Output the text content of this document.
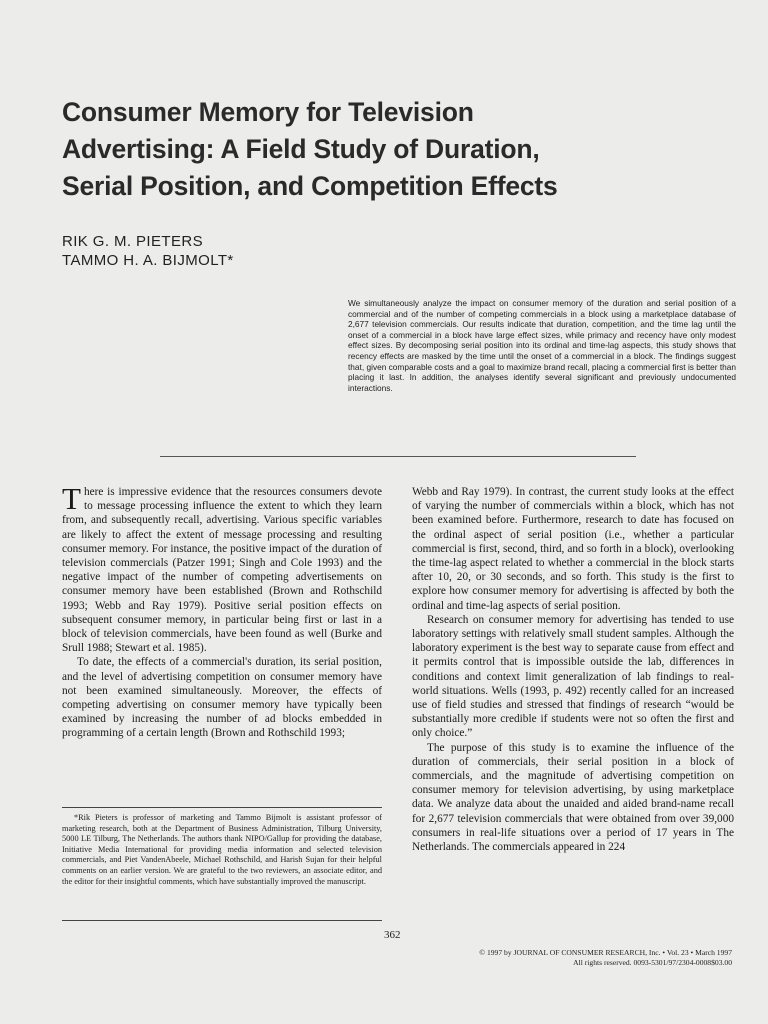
Consumer Memory for Television
Advertising: A Field Study of Duration,
Serial Position, and Competition Effects
RIK G. M. PIETERS
TAMMO H. A. BIJMOLT*
We simultaneously analyze the impact on consumer memory of the duration and serial position of a commercial and of the number of competing commercials in a block using a marketplace database of 2,677 television commercials. Our results indicate that duration, competition, and the time lag until the onset of a commercial in a block have large effect sizes, while primacy and recency have only modest effect sizes. By decomposing serial position into its ordinal and time-lag aspects, this study shows that recency effects are masked by the time until the onset of a commercial in a block. The findings suggest that, given comparable costs and a goal to maximize brand recall, placing a commercial first is better than placing it last. In addition, the analyses identify several significant and previously undocumented interactions.

There is impressive evidence that the resources consumers devote to message processing influence the extent to which they learn from, and subsequently recall, advertising. Various specific variables are likely to affect the extent of message processing and resulting consumer memory. For instance, the positive impact of the duration of television commercials (Patzer 1991; Singh and Cole 1993) and the negative impact of the number of competing advertisements on consumer memory have been established (Brown and Rothschild 1993; Webb and Ray 1979). Positive serial position effects on subsequent consumer memory, in particular being first or last in a block of television commercials, have been found as well (Burke and Srull 1988; Stewart et al. 1985).

To date, the effects of a commercial's duration, its serial position, and the level of advertising competition on consumer memory have not been examined simultaneously. Moreover, the effects of competing advertising on consumer memory have typically been examined by increasing the number of ad blocks embedded in programming of a certain length (Brown and Rothschild 1993;

*Rik Pieters is professor of marketing and Tammo Bijmolt is assistant professor of marketing research, both at the Department of Business Administration, Tilburg University, 5000 LE Tilburg, The Netherlands. The authors thank NIPO/Gallup for providing the database, Initiative Media International for providing media information and selected television commercials, and Piet VandenAbeele, Michael Rothschild, and Harish Sujan for their helpful comments on an earlier version. We are grateful to the two reviewers, an associate editor, and the editor for their insightful comments, which have substantially improved the manuscript.

Webb and Ray 1979). In contrast, the current study looks at the effect of varying the number of commercials within a block, which has not been examined before. Furthermore, research to date has focused on the ordinal aspect of serial position (i.e., whether a particular commercial is first, second, third, and so forth in a block), overlooking the time-lag aspect related to whether a commercial in the block starts after 10, 20, or 30 seconds, and so forth. This study is the first to explore how consumer memory for advertising is affected by both the ordinal and time-lag aspects of serial position.

Research on consumer memory for advertising has tended to use laboratory settings with relatively small student samples. Although the laboratory experiment is the best way to separate cause from effect and it permits control that is impossible outside the lab, differences in conditions and context limit generalization of lab findings to real-world situations. Wells (1993, p. 492) recently called for an increased use of field studies and stressed that findings of research “would be substantially more credible if students were not so often the first and only choice.”

The purpose of this study is to examine the influence of the duration of commercials, their serial position in a block of commercials, and the magnitude of advertising competition on consumer memory for television advertising, by using marketplace data. We analyze data about the unaided and aided brand-name recall for 2,677 television commercials that were obtained from over 39,000 consumers in real-life situations over a period of 17 years in The Netherlands. The commercials appeared in 224

362
© 1997 by JOURNAL OF CONSUMER RESEARCH, Inc. • Vol. 23 • March 1997
All rights reserved. 0093-5301/97/2304-0008$03.00
